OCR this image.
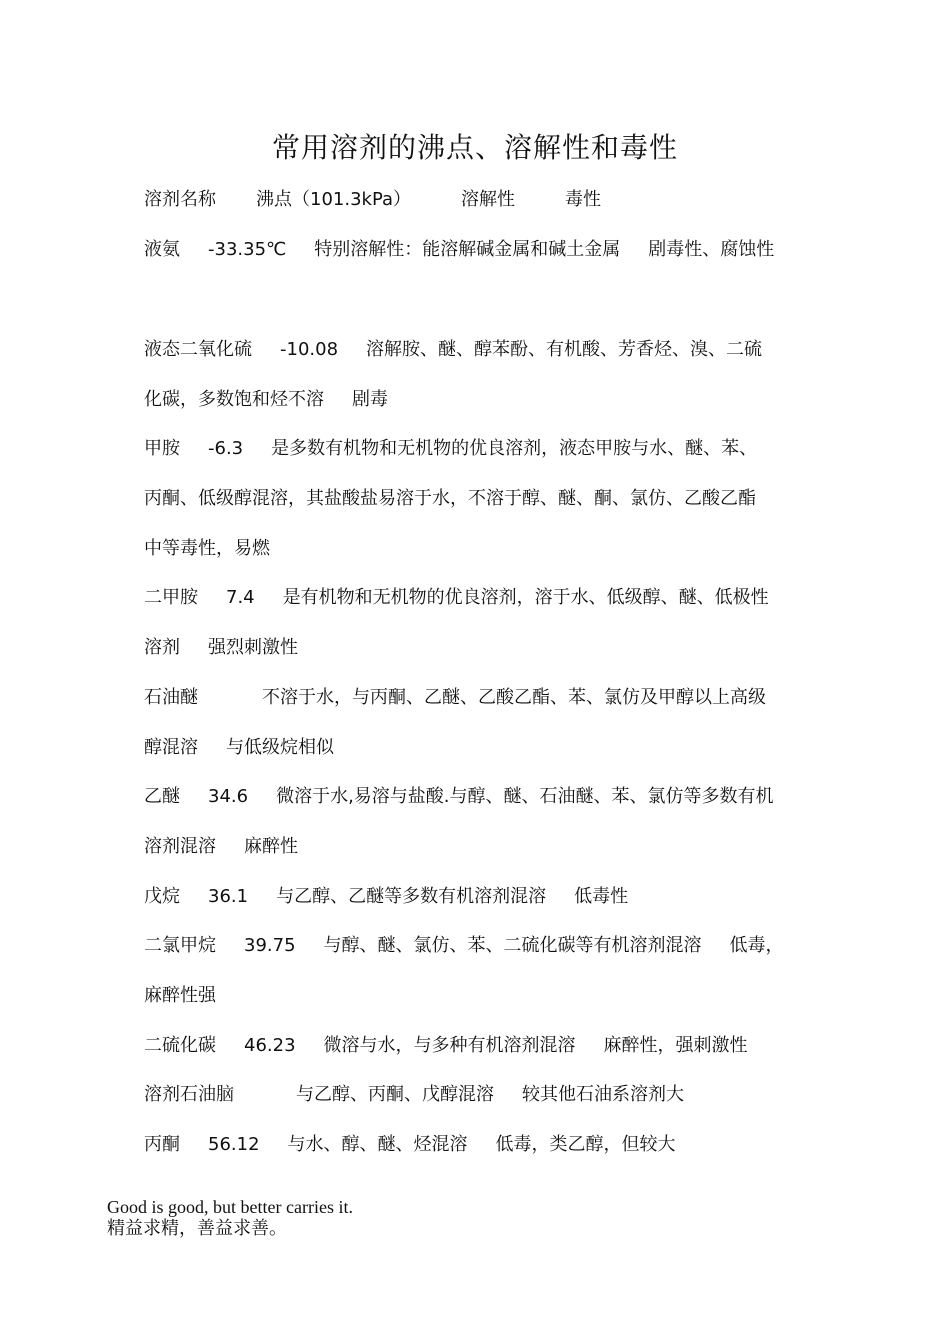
常用溶剂的沸点、溶解性和毒性
溶剂名称 沸点（101.3kPa）	溶解性	毒性
液氨 -33.35℃ 特别溶解性：能溶解碱金属和碱土金属 剧毒性、腐蚀性
液态二氧化硫 -10.08 溶解胺、醚、醇苯酚、有机酸、芳香烃、溴、二硫
化碳，多数饱和烃不溶 剧毒
甲胺 -6.3 是多数有机物和无机物的优良溶剂，液态甲胺与水、醚、苯、
丙酮、低级醇混溶，其盐酸盐易溶于水，不溶于醇、醚、酮、氯仿、乙酸乙酯
中等毒性，易燃
二甲胺 7.4 是有机物和无机物的优良溶剂，溶于水、低级醇、醚、低极性
溶剂 强烈刺激性
石油醚	不溶于水，与丙酮、乙醚、乙酸乙酯、苯、氯仿及甲醇以上高级
醇混溶 与低级烷相似
乙醚 34.6 微溶于水,易溶与盐酸.与醇、醚、石油醚、苯、氯仿等多数有机
溶剂混溶 麻醉性
戊烷 36.1 与乙醇、乙醚等多数有机溶剂混溶 低毒性
二氯甲烷 39.75 与醇、醚、氯仿、苯、二硫化碳等有机溶剂混溶 低毒，
麻醉性强
二硫化碳 46.23 微溶与水，与多种有机溶剂混溶 麻醉性，强刺激性
溶剂石油脑	与乙醇、丙酮、戊醇混溶 较其他石油系溶剂大
丙酮 56.12 与水、醇、醚、烃混溶 低毒，类乙醇，但较大
Good is good, but better carries it.
精益求精，善益求善。
